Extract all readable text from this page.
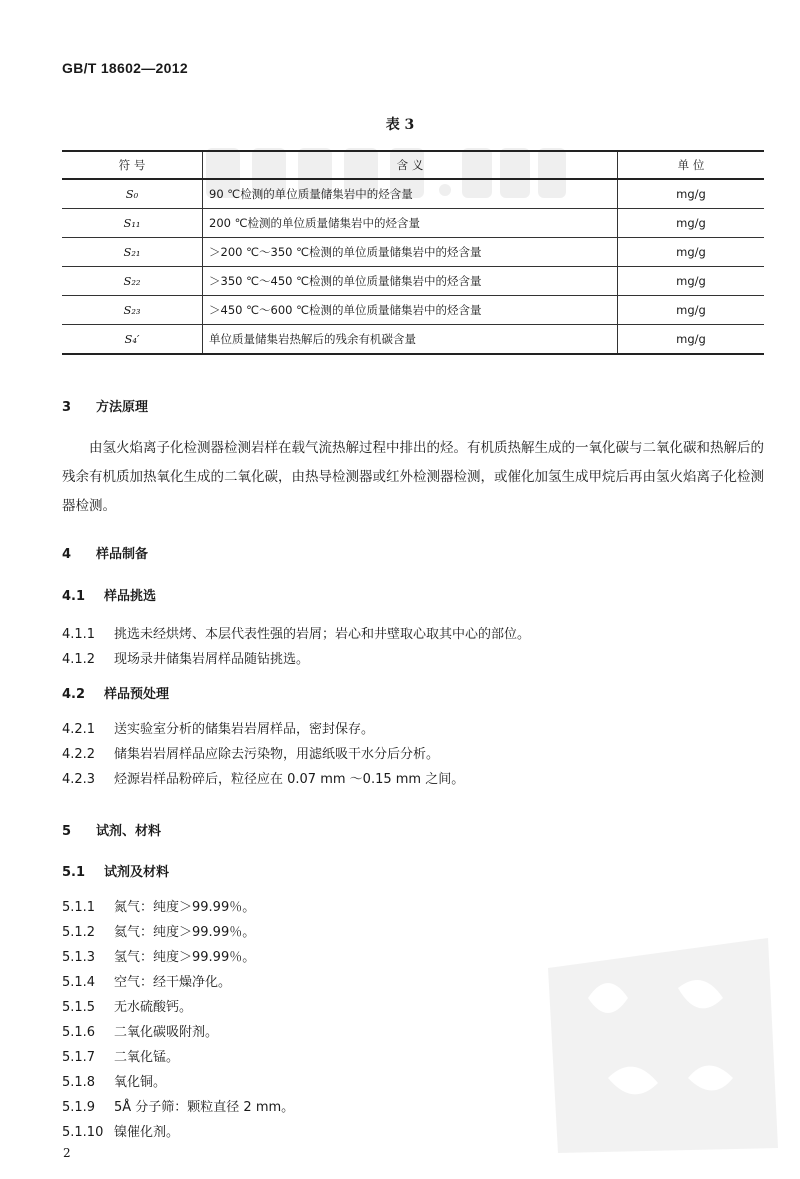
GB/T 18602—2012
表 3
符 号	含 义	单 位
S₀	90 ℃检测的单位质量储集岩中的烃含量	mg/g
S₁₁	200 ℃检测的单位质量储集岩中的烃含量	mg/g
S₂₁	＞200 ℃～350 ℃检测的单位质量储集岩中的烃含量	mg/g
S₂₂	＞350 ℃～450 ℃检测的单位质量储集岩中的烃含量	mg/g
S₂₃	＞450 ℃～600 ℃检测的单位质量储集岩中的烃含量	mg/g
S₄′	单位质量储集岩热解后的残余有机碳含量	mg/g
3 方法原理
由氢火焰离子化检测器检测岩样在载气流热解过程中排出的烃。有机质热解生成的一氧化碳与二氧化碳和热解后的残余有机质加热氧化生成的二氧化碳，由热导检测器或红外检测器检测，或催化加氢生成甲烷后再由氢火焰离子化检测器检测。
4 样品制备
4.1 样品挑选
4.1.1 挑选未经烘烤、本层代表性强的岩屑；岩心和井壁取心取其中心的部位。
4.1.2 现场录井储集岩屑样品随钻挑选。
4.2 样品预处理
4.2.1 送实验室分析的储集岩岩屑样品，密封保存。
4.2.2 储集岩岩屑样品应除去污染物，用滤纸吸干水分后分析。
4.2.3 烃源岩样品粉碎后，粒径应在 0.07 mm ～0.15 mm 之间。
5 试剂、材料
5.1 试剂及材料
5.1.1 氮气：纯度＞99.99％。
5.1.2 氦气：纯度＞99.99％。
5.1.3 氢气：纯度＞99.99％。
5.1.4 空气：经干燥净化。
5.1.5 无水硫酸钙。
5.1.6 二氧化碳吸附剂。
5.1.7 二氧化锰。
5.1.8 氧化铜。
5.1.9 5Å 分子筛：颗粒直径 2 mm。
5.1.10 镍催化剂。
2
